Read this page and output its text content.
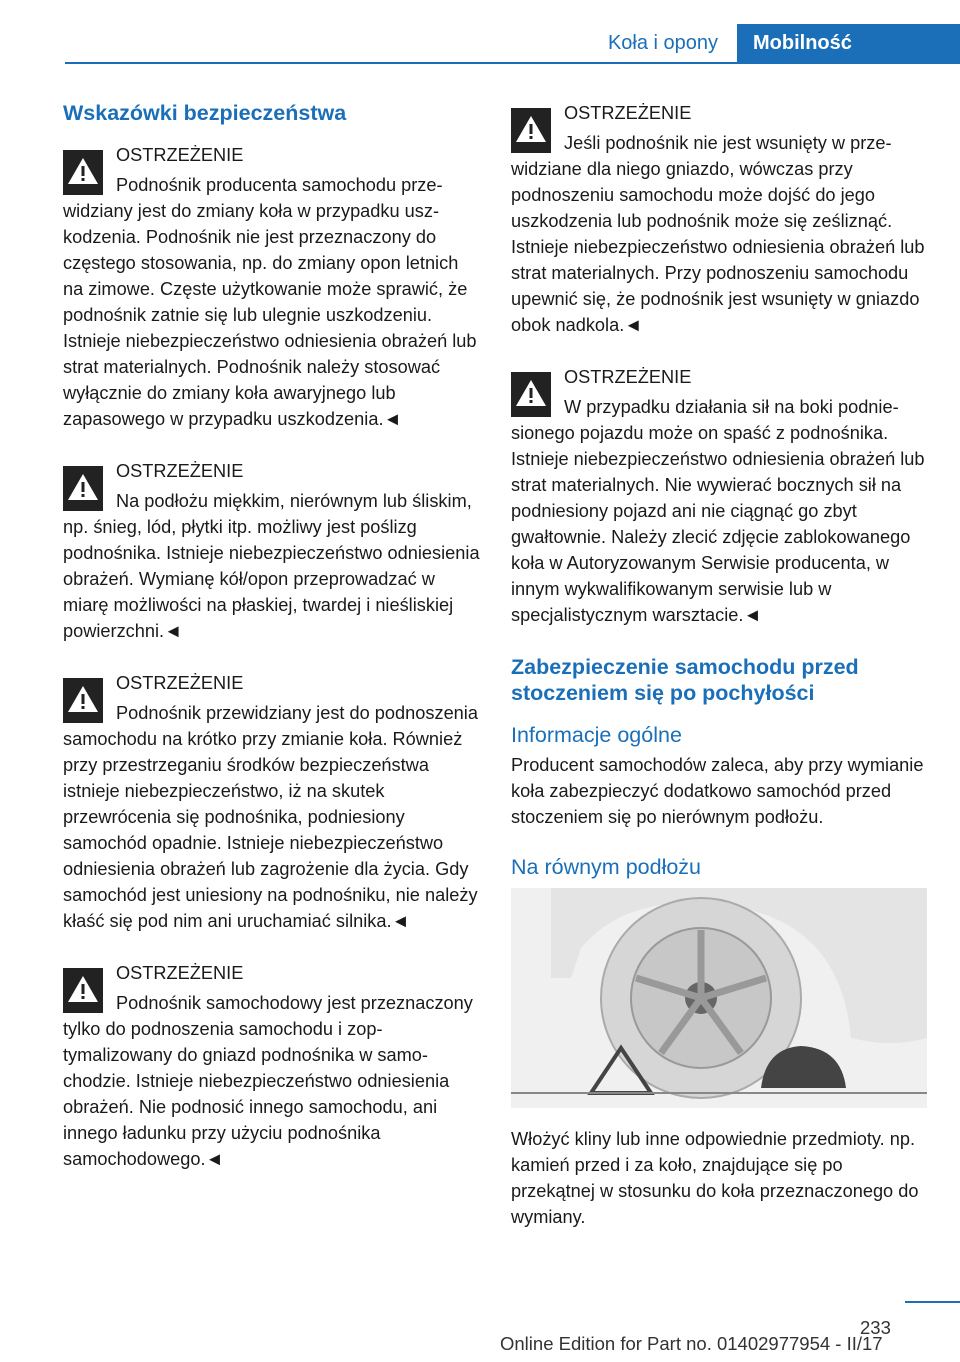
Koła i opony	Mobilność
Wskazówki bezpieczeństwa

OSTRZEŻENIE

Podnośnik producenta samochodu przewidziany jest do zmiany koła w przypadku uszkodzenia. Podnośnik nie jest przeznaczony do częstego stosowania, np. do zmiany opon letnich na zimowe. Częste użytkowanie może sprawić, że podnośnik zatnie się lub ulegnie uszkodzeniu. Istnieje niebezpieczeństwo odniesienia obrażeń lub strat materialnych. Podnośnik należy stosować wyłącznie do zmiany koła awaryjnego lub zapasowego w przypadku uszkodzenia.◄

OSTRZEŻENIE

Na podłożu miękkim, nierównym lub śliskim, np. śnieg, lód, płytki itp. możliwy jest poślizg podnośnika. Istnieje niebezpieczeństwo odniesienia obrażeń. Wymianę kół/opon przeprowadzać w miarę możliwości na płaskiej, twardej i nieśliskiej powierzchni.◄

OSTRZEŻENIE

Podnośnik przewidziany jest do podnoszenia samochodu na krótko przy zmianie koła. Również przy przestrzeganiu środków bezpieczeństwa istnieje niebezpieczeństwo, iż na skutek przewrócenia się podnośnika, podniesiony samochód opadnie. Istnieje niebezpieczeństwo odniesienia obrażeń lub zagrożenie dla życia. Gdy samochód jest uniesiony na podnośniku, nie należy kłaść się pod nim ani uruchamiać silnika.◄

OSTRZEŻENIE

Podnośnik samochodowy jest przeznaczony tylko do podnoszenia samochodu i zoptymalizowany do gniazd podnośnika w samochodzie. Istnieje niebezpieczeństwo odniesienia obrażeń. Nie podnosić innego samochodu, ani innego ładunku przy użyciu podnośnika samochodowego.◄

OSTRZEŻENIE

Jeśli podnośnik nie jest wsunięty w przewidziane dla niego gniazdo, wówczas przy podnoszeniu samochodu może dojść do jego uszkodzenia lub podnośnik może się ześliznąć. Istnieje niebezpieczeństwo odniesienia obrażeń lub strat materialnych. Przy podnoszeniu samochodu upewnić się, że podnośnik jest wsunięty w gniazdo obok nadkola.◄

OSTRZEŻENIE

W przypadku działania sił na boki podniesionego pojazdu może on spaść z podnośnika. Istnieje niebezpieczeństwo odniesienia obrażeń lub strat materialnych. Nie wywierać bocznych sił na podniesiony pojazd ani nie ciągnąć go zbyt gwałtownie. Należy zlecić zdjęcie zablokowanego koła w Autoryzowanym Serwisie producenta, w innym wykwalifikowanym serwisie lub w specjalistycznym warsztacie.◄

Zabezpieczenie samochodu przed stoczeniem się po pochyłości
Informacje ogólne

Producent samochodów zaleca, aby przy wymianie koła zabezpieczyć dodatkowo samochód przed stoczeniem się po nierównym podłożu.

Na równym podłożu

Włożyć kliny lub inne odpowiednie przedmioty. np. kamień przed i za koło, znajdujące się po przekątnej w stosunku do koła przeznaczonego do wymiany.

233
Online Edition for Part no. 01402977954 - II/17
